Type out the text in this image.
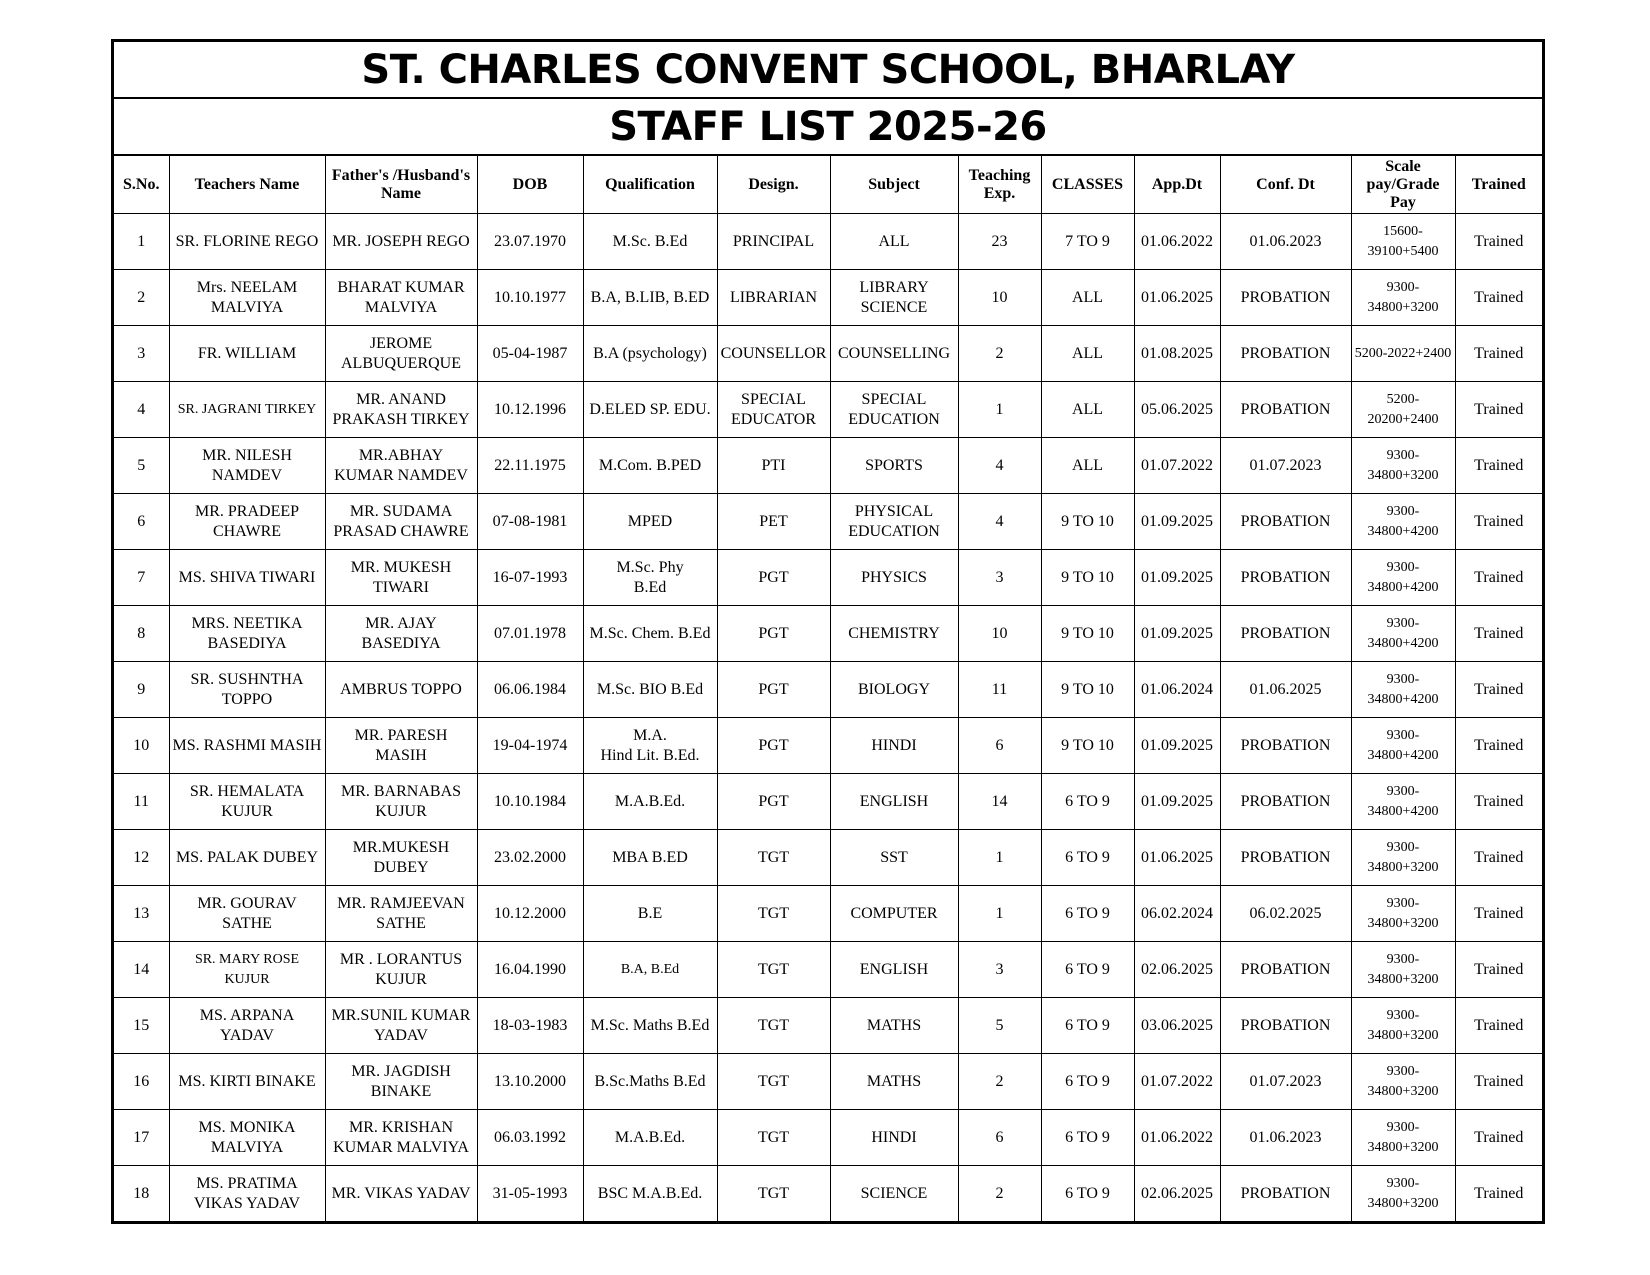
ST. CHARLES CONVENT SCHOOL, BHARLAY
STAFF LIST 2025-26
S.No.	Teachers Name	Father's /Husband's Name	DOB	Qualification	Design.	Subject	Teaching Exp.	CLASSES	App.Dt	Conf. Dt	Scale pay/Grade Pay	Trained
1	SR. FLORINE REGO	MR. JOSEPH REGO	23.07.1970	M.Sc. B.Ed	PRINCIPAL	ALL	23	7 TO 9	01.06.2022	01.06.2023	15600-39100+5400	Trained
2	Mrs. NEELAM MALVIYA	BHARAT KUMAR MALVIYA	10.10.1977	B.A, B.LIB, B.ED	LIBRARIAN	LIBRARY SCIENCE	10	ALL	01.06.2025	PROBATION	9300-34800+3200	Trained
3	FR. WILLIAM	JEROME ALBUQUERQUE	05-04-1987	B.A (psychology)	COUNSELLOR	COUNSELLING	2	ALL	01.08.2025	PROBATION	5200-2022+2400	Trained
4	SR. JAGRANI TIRKEY	MR. ANAND PRAKASH TIRKEY	10.12.1996	D.ELED SP. EDU.	SPECIAL EDUCATOR	SPECIAL EDUCATION	1	ALL	05.06.2025	PROBATION	5200-20200+2400	Trained
5	MR. NILESH NAMDEV	MR.ABHAY KUMAR NAMDEV	22.11.1975	M.Com. B.PED	PTI	SPORTS	4	ALL	01.07.2022	01.07.2023	9300-34800+3200	Trained
6	MR. PRADEEP CHAWRE	MR. SUDAMA PRASAD CHAWRE	07-08-1981	MPED	PET	PHYSICAL EDUCATION	4	9 TO 10	01.09.2025	PROBATION	9300-34800+4200	Trained
7	MS. SHIVA TIWARI	MR. MUKESH TIWARI	16-07-1993	M.Sc. Phy
B.Ed	PGT	PHYSICS	3	9 TO 10	01.09.2025	PROBATION	9300-34800+4200	Trained
8	MRS. NEETIKA BASEDIYA	MR. AJAY BASEDIYA	07.01.1978	M.Sc. Chem. B.Ed	PGT	CHEMISTRY	10	9 TO 10	01.09.2025	PROBATION	9300-34800+4200	Trained
9	SR. SUSHNTHA TOPPO	AMBRUS TOPPO	06.06.1984	M.Sc. BIO B.Ed	PGT	BIOLOGY	11	9 TO 10	01.06.2024	01.06.2025	9300-34800+4200	Trained
10	MS. RASHMI MASIH	MR. PARESH MASIH	19-04-1974	M.A.
Hind Lit. B.Ed.	PGT	HINDI	6	9 TO 10	01.09.2025	PROBATION	9300-34800+4200	Trained
11	SR. HEMALATA KUJUR	MR. BARNABAS KUJUR	10.10.1984	M.A.B.Ed.	PGT	ENGLISH	14	6 TO 9	01.09.2025	PROBATION	9300-34800+4200	Trained
12	MS. PALAK DUBEY	MR.MUKESH DUBEY	23.02.2000	MBA B.ED	TGT	SST	1	6 TO 9	01.06.2025	PROBATION	9300-34800+3200	Trained
13	MR. GOURAV SATHE	MR. RAMJEEVAN SATHE	10.12.2000	B.E	TGT	COMPUTER	1	6 TO 9	06.02.2024	06.02.2025	9300-34800+3200	Trained
14	SR. MARY ROSE KUJUR	MR . LORANTUS KUJUR	16.04.1990	B.A, B.Ed	TGT	ENGLISH	3	6 TO 9	02.06.2025	PROBATION	9300-34800+3200	Trained
15	MS. ARPANA YADAV	MR.SUNIL KUMAR YADAV	18-03-1983	M.Sc. Maths B.Ed	TGT	MATHS	5	6 TO 9	03.06.2025	PROBATION	9300-34800+3200	Trained
16	MS. KIRTI BINAKE	MR. JAGDISH BINAKE	13.10.2000	B.Sc.Maths B.Ed	TGT	MATHS	2	6 TO 9	01.07.2022	01.07.2023	9300-34800+3200	Trained
17	MS. MONIKA MALVIYA	MR. KRISHAN KUMAR MALVIYA	06.03.1992	M.A.B.Ed.	TGT	HINDI	6	6 TO 9	01.06.2022	01.06.2023	9300-34800+3200	Trained
18	MS. PRATIMA VIKAS YADAV	MR. VIKAS YADAV	31-05-1993	BSC M.A.B.Ed.	TGT	SCIENCE	2	6 TO 9	02.06.2025	PROBATION	9300-34800+3200	Trained
